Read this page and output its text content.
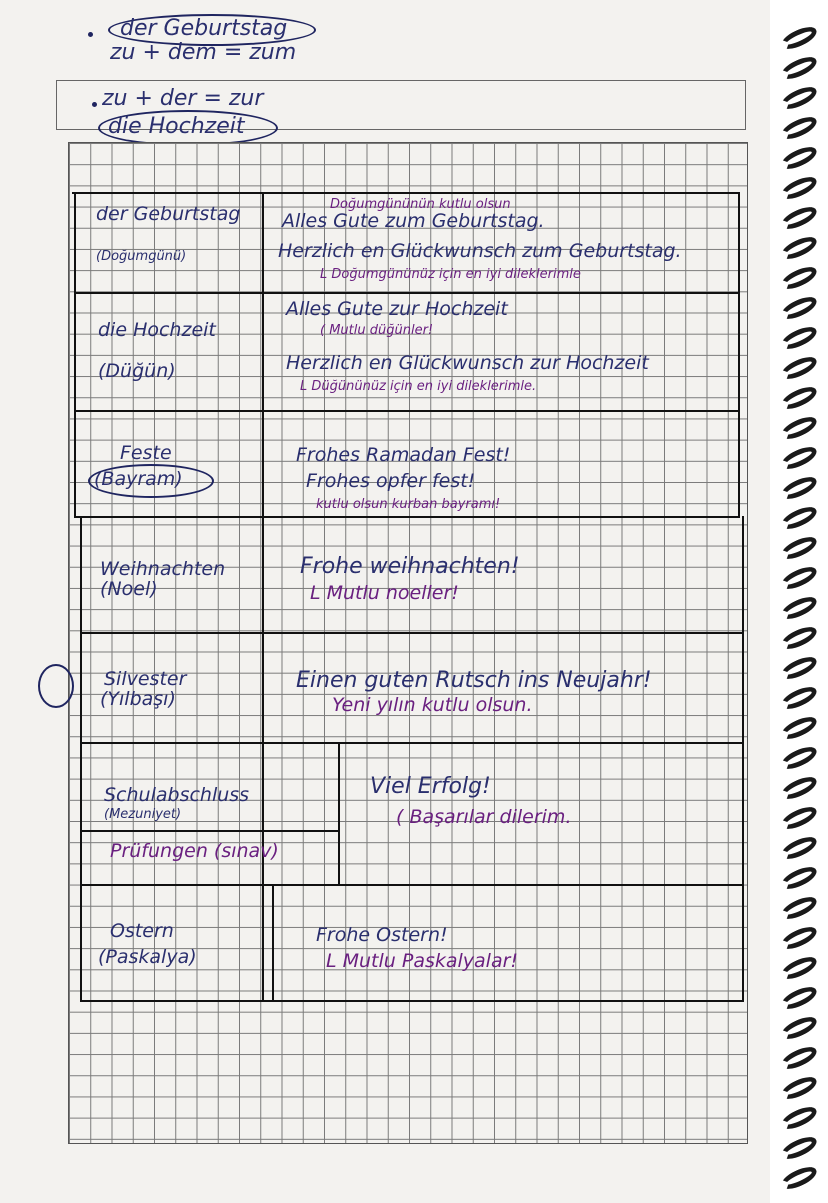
der Geburtstag
zu + dem = zum
zu + der = zur
die Hochzeit
der Geburtstag
(Doğumgünü)
Doğumgününün kutlu olsun
Alles Gute zum Geburtstag.
Herzlich en Glückwunsch zum Geburtstag.
L Doğumgününüz için en iyi dileklerimle
die Hochzeit
(Düğün)
Alles Gute zur Hochzeit
( Mutlu düğünler!
Herzlich en Glückwunsch zur Hochzeit
L Düğününüz için en iyi dileklerimle.
Feste
(Bayram)
Frohes Ramadan Fest!
Frohes opfer fest!
kutlu olsun kurban bayramı!
Weihnachten
(Noel)
Frohe weihnachten!
L Mutlu noeller!
Silvester
(Yılbaşı)
Einen guten Rutsch ins Neujahr!
Yeni yılın kutlu olsun.
Schulabschluss
(Mezuniyet)
Prüfungen (sınav)
Viel Erfolg!
( Başarılar dilerim.
Ostern
(Paskalya)
Frohe Ostern!
L Mutlu Paskalyalar!
